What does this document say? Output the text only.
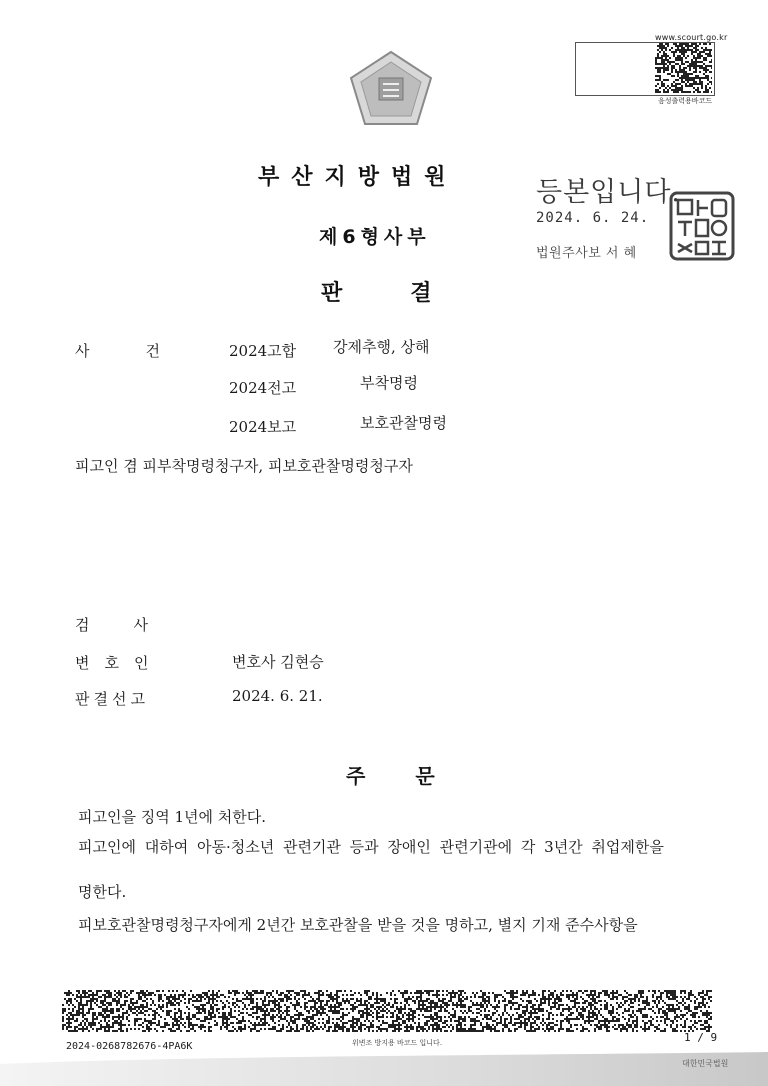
www.scourt.go.kr
음성출력용바코드
등본입니다.
2024. 6. 24.
법원주사보 서 혜
부산지방법원
제6형사부
판결
사건 2024고합 강제추행, 상해
2024전고	부착명령
2024보고	보호관찰명령
피고인 겸 피부착명령청구자, 피보호관찰명령청구자
검사
변호인	변호사 김현승
판결선고	2024. 6. 21.
주문
피고인을 징역 1년에 처한다.
피고인에 대하여 아동·청소년 관련기관 등과 장애인 관련기관에 각 3년간 취업제한을
명한다.
피보호관찰명령청구자에게 2년간 보호관찰을 받을 것을 명하고, 별지 기재 준수사항을
2024-0268782676-4PA6K	위변조 방지용 바코드 입니다.	1 / 9
대한민국법원
